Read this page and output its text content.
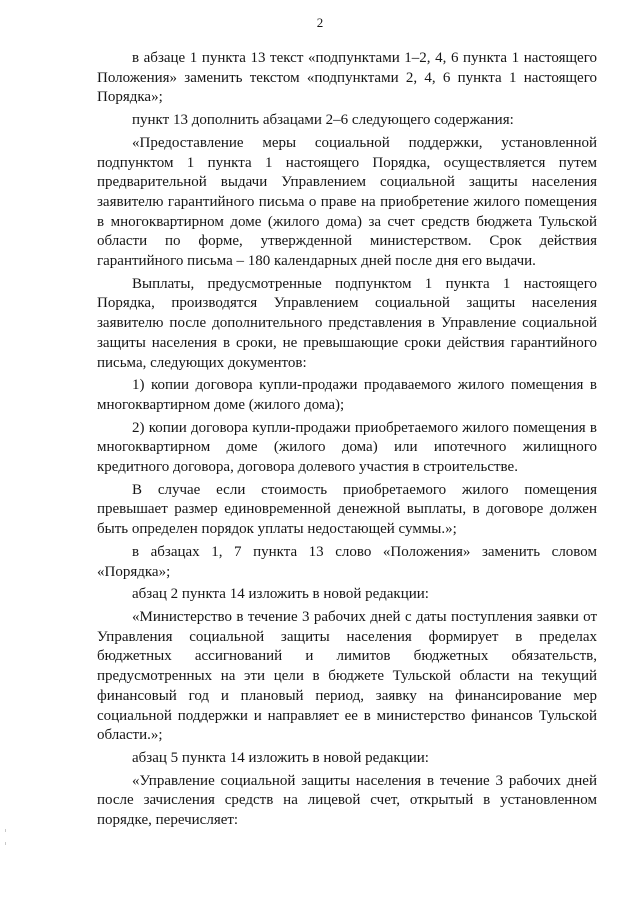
2

в абзаце 1 пункта 13 текст «подпунктами 1–2, 4, 6 пункта 1 настоящего Положения» заменить текстом «подпунктами 2, 4, 6 пункта 1 настоящего Порядка»;

пункт 13 дополнить абзацами 2–6 следующего содержания:

«Предоставление меры социальной поддержки, установленной подпунктом 1 пункта 1 настоящего Порядка, осуществляется путем предварительной выдачи Управлением социальной защиты населения заявителю гарантийного письма о праве на приобретение жилого помещения в многоквартирном доме (жилого дома) за счет средств бюджета Тульской области по форме, утвержденной министерством. Срок действия гарантийного письма – 180 календарных дней после дня его выдачи.

Выплаты, предусмотренные подпунктом 1 пункта 1 настоящего Порядка, производятся Управлением социальной защиты населения заявителю после дополнительного представления в Управление социальной защиты населения в сроки, не превышающие сроки действия гарантийного письма, следующих документов:

1) копии договора купли-продажи продаваемого жилого помещения в многоквартирном доме (жилого дома);

2) копии договора купли-продажи приобретаемого жилого помещения в многоквартирном доме (жилого дома) или ипотечного жилищного кредитного договора, договора долевого участия в строительстве.

В случае если стоимость приобретаемого жилого помещения превышает размер единовременной денежной выплаты, в договоре должен быть определен порядок уплаты недостающей суммы.»;

в абзацах 1, 7 пункта 13 слово «Положения» заменить словом «Порядка»;

абзац 2 пункта 14 изложить в новой редакции:

«Министерство в течение 3 рабочих дней с даты поступления заявки от Управления социальной защиты населения формирует в пределах бюджетных ассигнований и лимитов бюджетных обязательств, предусмотренных на эти цели в бюджете Тульской области на текущий финансовый год и плановый период, заявку на финансирование мер социальной поддержки и направляет ее в министерство финансов Тульской области.»;

абзац 5 пункта 14 изложить в новой редакции:

«Управление социальной защиты населения в течение 3 рабочих дней после зачисления средств на лицевой счет, открытый в установленном порядке, перечисляет:
